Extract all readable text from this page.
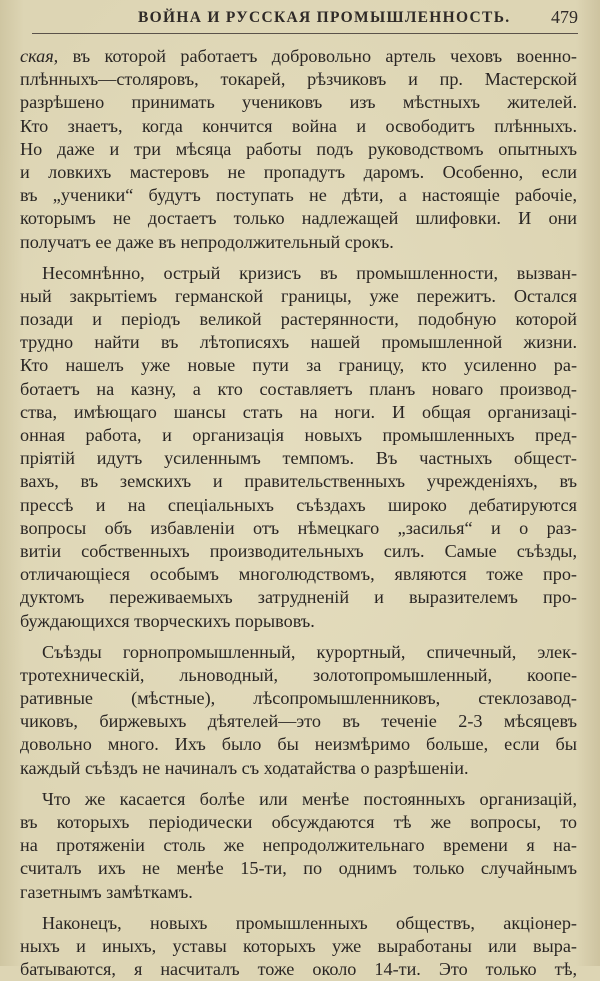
ВОЙНА И РУССКАЯ ПРОМЫШЛЕННОСТЬ. 479
ская, въ которой работаетъ добровольно артель чеховъ военно-
плѣнныхъ—столяровъ, токарей, рѣзчиковъ и пр. Мастерской
разрѣшено принимать учениковъ изъ мѣстныхъ жителей.
Кто знаетъ, когда кончится война и освободитъ плѣнныхъ.
Но даже и три мѣсяца работы подъ руководствомъ опытныхъ
и ловкихъ мастеровъ не пропадутъ даромъ. Особенно, если
въ „ученики“ будутъ поступать не дѣти, а настоящіе рабочіе,
которымъ не достаетъ только надлежащей шлифовки. И они
получатъ ее даже въ непродолжительный срокъ.
Несомнѣнно, острый кризисъ въ промышленности, вызван-
ный закрытіемъ германской границы, уже пережитъ. Остался
позади и періодъ великой растерянности, подобную которой
трудно найти въ лѣтописяхъ нашей промышленной жизни.
Кто нашелъ уже новые пути за границу, кто усиленно ра-
ботаетъ на казну, а кто составляетъ планъ новаго производ-
ства, имѣющаго шансы стать на ноги. И общая организаці-
онная работа, и организація новыхъ промышленныхъ пред-
пріятій идутъ усиленнымъ темпомъ. Въ частныхъ общест-
вахъ, въ земскихъ и правительственныхъ учрежденіяхъ, въ
прессѣ и на спеціальныхъ съѣздахъ широко дебатируются
вопросы объ избавленіи отъ нѣмецкаго „засилья“ и о раз-
витіи собственныхъ производительныхъ силъ. Самые съѣзды,
отличающіеся особымъ многолюдствомъ, являются тоже про-
дуктомъ переживаемыхъ затрудненій и выразителемъ про-
буждающихся творческихъ порывовъ.
Съѣзды горнопромышленный, курортный, спичечный, элек-
тротехническій, льноводный, золотопромышленный, коопе-
ративные (мѣстные), лѣсопромышленниковъ, стеклозавод-
чиковъ, биржевыхъ дѣятелей—это въ теченіе 2-3 мѣсяцевъ
довольно много. Ихъ было бы неизмѣримо больше, если бы
каждый съѣздъ не начиналъ съ ходатайства о разрѣшеніи.
Что же касается болѣе или менѣе постоянныхъ организацій,
въ которыхъ періодически обсуждаются тѣ же вопросы, то
на протяженіи столь же непродолжительнаго времени я на-
считалъ ихъ не менѣе 15-ти, по однимъ только случайнымъ
газетнымъ замѣткамъ.
Наконецъ, новыхъ промышленныхъ обществъ, акціонер-
ныхъ и иныхъ, уставы которыхъ уже выработаны или выра-
батываются, я насчиталъ тоже около 14-ти. Это только тѣ,
